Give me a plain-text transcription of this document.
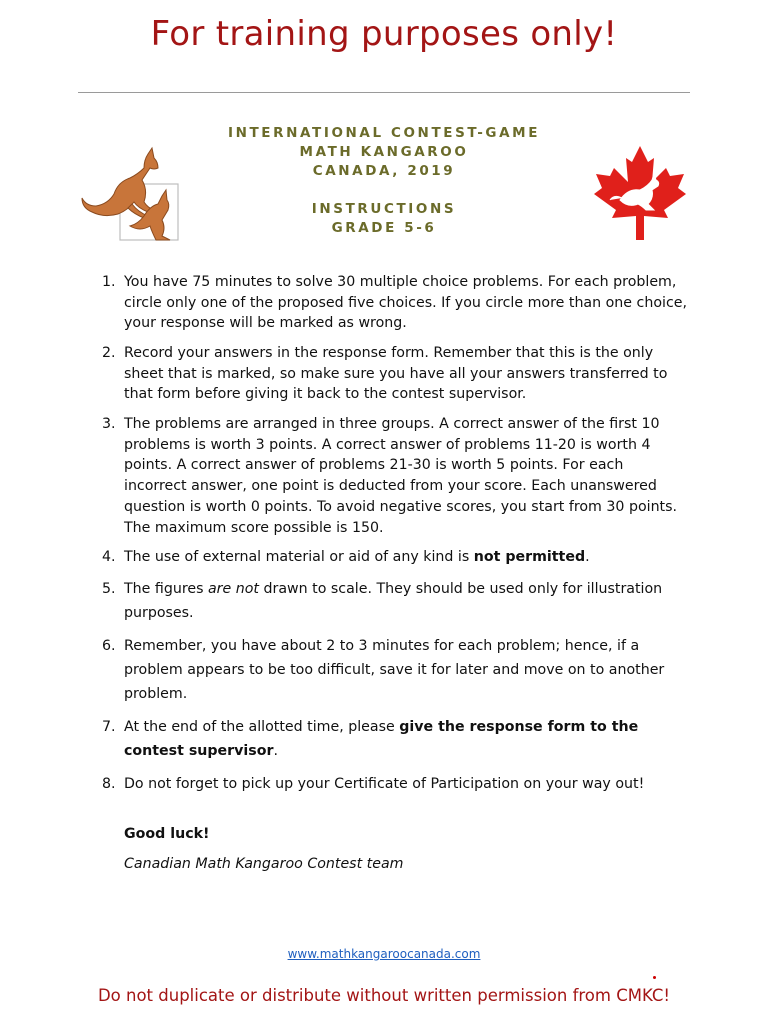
For training purposes only!
INTERNATIONAL CONTEST-GAME
MATH KANGAROO
CANADA, 2019
INSTRUCTIONS
GRADE 5-6
1. You have 75 minutes to solve 30 multiple choice problems. For each problem, circle only one of the proposed five choices. If you circle more than one choice, your response will be marked as wrong.
2. Record your answers in the response form. Remember that this is the only sheet that is marked, so make sure you have all your answers transferred to that form before giving it back to the contest supervisor.
3. The problems are arranged in three groups. A correct answer of the first 10 problems is worth 3 points. A correct answer of problems 11-20 is worth 4 points. A correct answer of problems 21-30 is worth 5 points. For each incorrect answer, one point is deducted from your score. Each unanswered question is worth 0 points. To avoid negative scores, you start from 30 points. The maximum score possible is 150.
4. The use of external material or aid of any kind is not permitted.
5. The figures are not drawn to scale. They should be used only for illustration purposes.
6. Remember, you have about 2 to 3 minutes for each problem; hence, if a problem appears to be too difficult, save it for later and move on to another problem.
7. At the end of the allotted time, please give the response form to the contest supervisor.
8. Do not forget to pick up your Certificate of Participation on your way out!
Good luck!
Canadian Math Kangaroo Contest team
www.mathkangaroocanada.com
Do not duplicate or distribute without written permission from CMKC!
